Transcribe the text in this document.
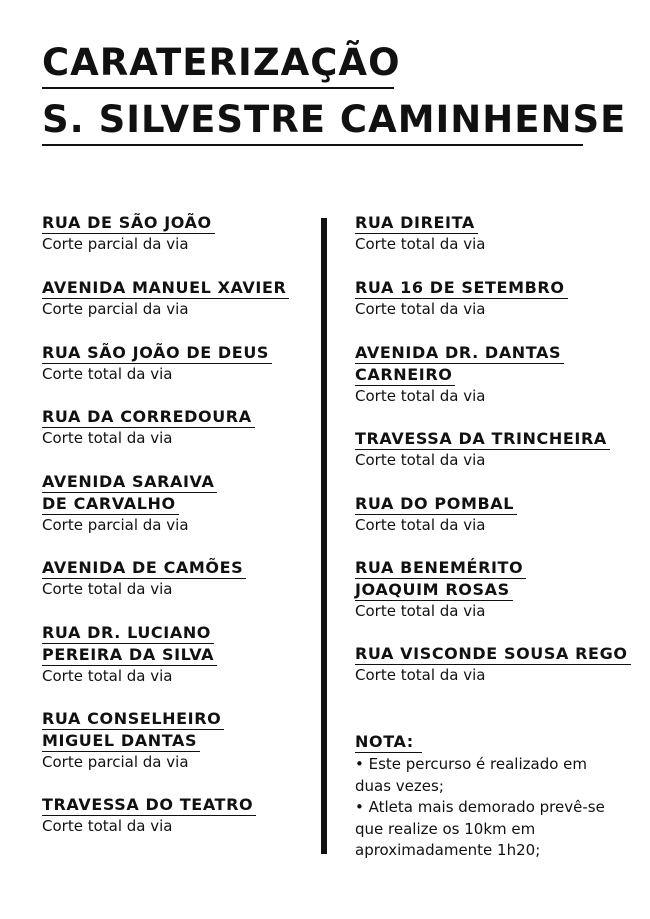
CARATERIZAÇÃO
S. SILVESTRE CAMINHENSE
RUA DE SÃO JOÃO

Corte parcial da via
AVENIDA MANUEL XAVIER

Corte parcial da via
RUA SÃO JOÃO DE DEUS

Corte total da via
RUA DA CORREDOURA

Corte total da via
AVENIDA SARAIVA
DE CARVALHO

Corte parcial da via
AVENIDA DE CAMÕES

Corte total da via
RUA DR. LUCIANO
PEREIRA DA SILVA

Corte total da via
RUA CONSELHEIRO
MIGUEL DANTAS

Corte parcial da via
TRAVESSA DO TEATRO

Corte total da via
RUA DIREITA

Corte total da via
RUA 16 DE SETEMBRO

Corte total da via
AVENIDA DR. DANTAS
CARNEIRO

Corte total da via
TRAVESSA DA TRINCHEIRA

Corte total da via
RUA DO POMBAL

Corte total da via
RUA BENEMÉRITO
JOAQUIM ROSAS

Corte total da via
RUA VISCONDE SOUSA REGO

Corte total da via
NOTA:
• Este percurso é realizado em
duas vezes;
• Atleta mais demorado prevê-se
que realize os 10km em
aproximadamente 1h20;
